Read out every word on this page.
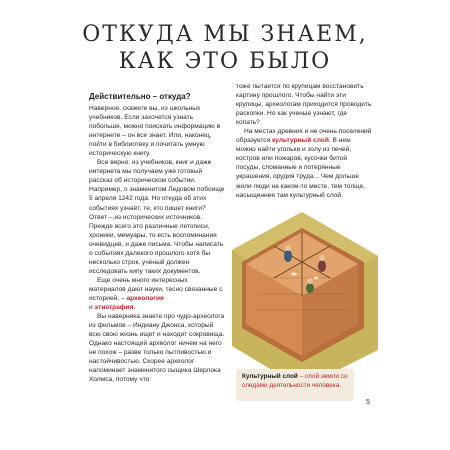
ОТКУДА МЫ ЗНАЕМ,
КАК ЭТО БЫЛО
Действительно – откуда?

Наверное, скажете вы, из школьных учебников. Если захочется узнать побольше, можно поискать информацию в интернете – он все знает. Или, наконец, пойти в библиотеку и почитать умную историческую книгу.

Все верно: из учебников, книг и даже интернета мы получаем уже готовый рассказ об историческом событии. Например, о знаменитом Ледовом побоище 5 апреля 1242 года. Но откуда об этих событиях узнаёт, те, кто пишет книги? Ответ – из исторических источников. Прежде всего это различные летописи, хроники, мемуары, то есть воспоминания очевидцев, и даже письма. Чтобы написать о событиях далекого прошлого хотя бы несколько строк, ученый должен исследовать кипу таких документов.

Еще очень много интересных материалов дают науки, тесно связанные с историей, – археология
и этнография.

Вы наверняка знаете про чудо-археолога из фильмов – Индиану Джонса, который всю свою жизнь ищет и находит сокровища. Однако настоящий археолог ничем на него не похож – разве только пытливостью и настойчивостью. Скорее археолог напоминает знаменитого сыщика Шерлока Холмса, потому что

тоже пытается по крупицам восстановить картину прошлого. Чтобы найти эти крупицы, археологам приходится проводить раскопки. Но как ученые узнают, где копать?

На местах древних и не очень поселений образуется культурный слой. В нем можно найти угольки и золу из печей, костров или пожаров, кусочки битой посуды, сломанные и потерянные украшения, орудия труда... Чем дольше жили люди на каком-то месте, тем толще, насыщеннее там культурный слой.

Культурный слой – слой земли со следами деятельности человека.
5
